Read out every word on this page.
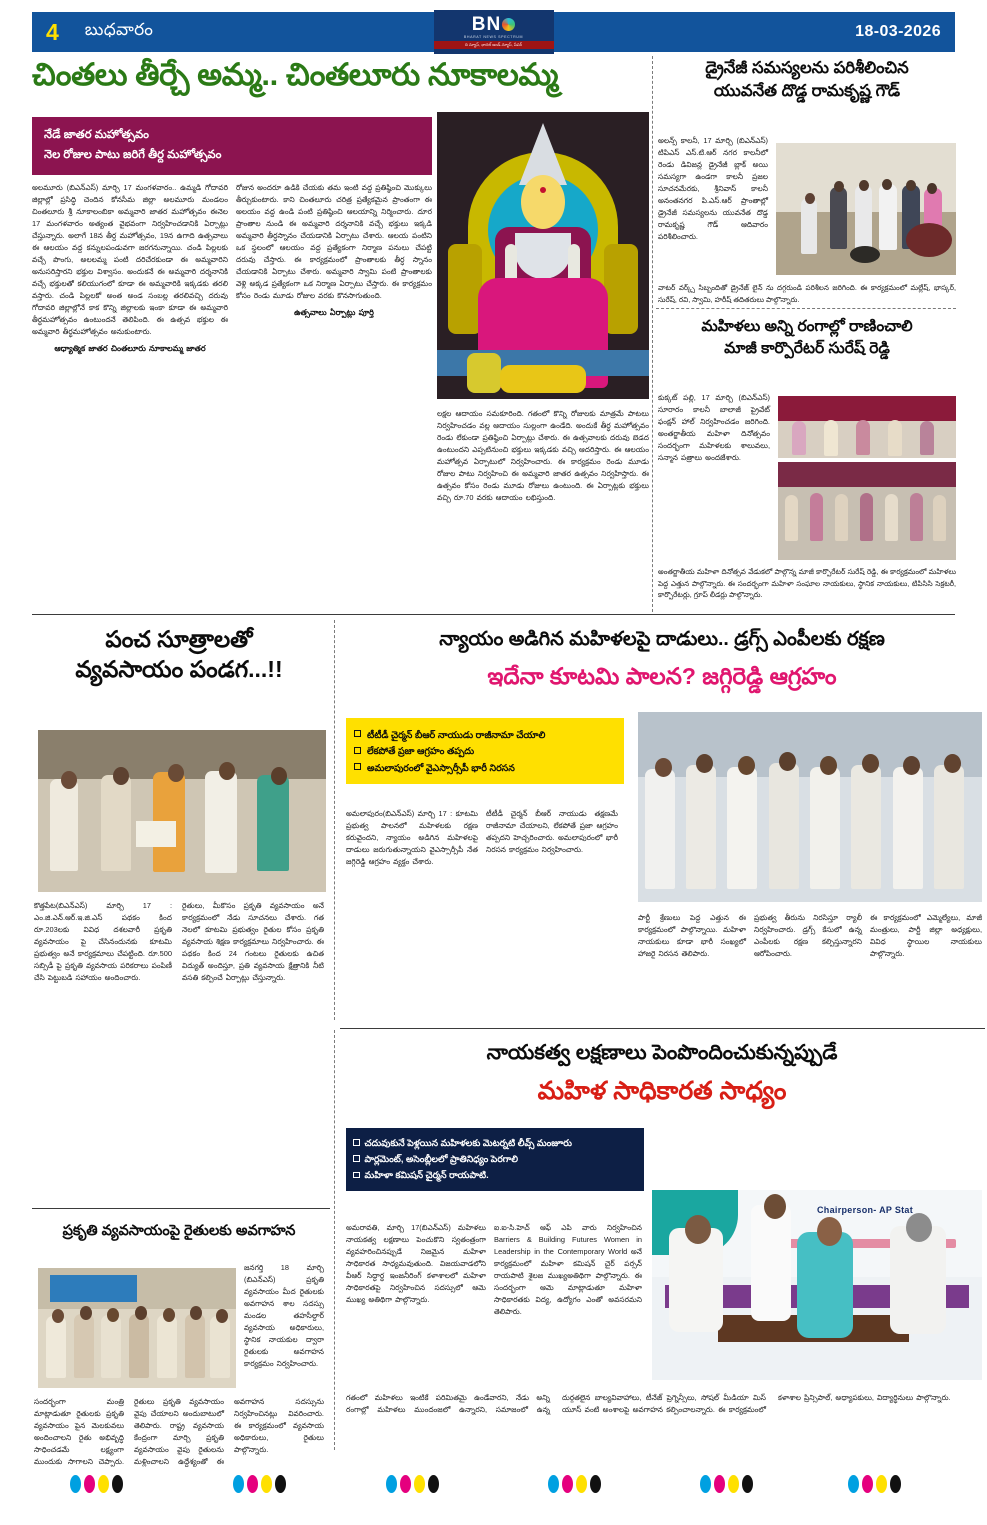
4 బుధవారం	BN
BHARAT NEWS SPECTRUM
ది న్యూస్, ఛానల్ అండ్ న్యూస్, పేపర్
18-03-2026
చింతలు తీర్చే అమ్మ.. చింతలూరు నూకాలమ్మ
నేడే జాతర మహోత్సవం
నెల రోజుల పాటు జరిగే తీర్ద మహోత్సవం

అలమూరు (బిఎన్ఎస్) మార్చి 17 మంగళవారం.. ఉమ్మడి గోదావరి జిల్లాల్లో ప్రసిద్ధి చెందిన కోనసీమ జిల్లా అలమూరు మండలం చింతలూరు శ్రీ నూకాలంబికా అమ్మవారి జాతర మహోత్సవం ఈనెల 17 మంగళవారం అత్యంత వైభవంగా నిర్వహించడానికి ఏర్పాట్లు చేస్తున్నారు. అలాగే 18న తీర్ద మహోత్సవం, 19న ఉగాది ఉత్సవాలు ఈ ఆలయం వద్ద కన్నులపండువగా జరగనున్నాయి. చండి పిల్లలకు వచ్చే పొంగు, అలలమ్మ పంటి దరిచేరకుండా ఈ అమ్మవారిని అనుసరిస్తారని భక్తుల విశ్వాసం. అందుకనే ఈ అమ్మవారి దర్శనానికి వచ్చే భక్తులతో కలియుగంలో కూడా ఈ అమ్మవారికి ఇక్కడకు తరలి వస్తారు. చండి పిల్లలకో అంత అండ సంబల్ల తరలివచ్చి దరువు గోదావరి జిల్లాల్లోనే కాక కొన్ని జిల్లాలకు ఇంకా కూడా ఈ అమ్మవారి తీర్థమహోత్సవం ఉంటుందనే తెలిపింది. ఈ ఉత్సవ భక్తుల ఈ అమ్మవారి తీర్థమహోత్సవం అనుకుంటారు.

ఆధ్యాత్మిక జాతర చింతలూరు నూకాలమ్మ జాతర

రోజున అందరూ ఉడికి చేయకు తమ ఇంటి వద్ద ప్రతిష్ఠించి మొక్కులు తీర్చుకుంటారు. కాని చింతలూరు చరిత్ర ప్రత్యేకమైన ప్రాంతంగా ఈ అలయం వద్ద ఉండి పంటి ప్రతిష్ఠించి ఆలయాన్ని నిర్మించారు. దూర ప్రాంతాల నుండి ఈ అమ్మవారి దర్శనానికి వచ్చే భక్తులు ఇక్కడి అమ్మవారి తీర్ధస్నానం చేయడానికి ఏర్పాటు చేశారు. ఆలయ పంటిని ఒక స్థలంలో ఆలయం వద్ద ప్రత్యేకంగా నిర్మాణ పనులు చేపట్టి దరువు చేస్తారు. ఈ కార్యక్రమంలో ప్రాంతాలకు తీర్ధ స్నానం చేయడానికి ఏర్పాటు చేశారు. అమ్మవారి స్వామి పంటి ప్రాంతాలకు వెళ్లి అక్కడ ప్రత్యేకంగా ఒక నిర్మాణ ఏర్పాటు చేస్తారు. ఈ కార్యక్రమం కోసం రెండు మూడు రోజుల వరకు కొనసాగుతుంది.

ఉత్సవాలు ఏర్పాట్లు పూర్తి

లక్షల ఆదాయం సమకూరింది. గతంలో కొన్ని రోజులకు మాత్రమే పాటలు నిర్వహించడం వల్ల ఆదాయం సుల్లంగా ఉండేది. అందుకే తీర్ధ మహోత్సవం రెండు లేకుండా ప్రతిష్ఠించి ఏర్పాట్లు చేశారు. ఈ ఉత్సవాలకు దరువు బెడద ఉంటుందని ఎప్పటినుంచి భక్తులు ఇక్కడకు వచ్చి ఆదరిస్తారు. ఈ ఆలయం మహోత్సవ ఏర్పాటులో నిర్వహించారు. ఈ కార్యక్రమం రెండు మూడు రోజుల పాటు నిర్వహించి ఈ అమ్మవారి జాతర ఉత్సవం నిర్వహిస్తారు. ఈ ఉత్సవం కోసం రెండు మూడు రోజులు ఉంటుంది. ఈ ఏర్పాట్లకు భక్తులు వచ్చి రూ.70 వరకు ఆదాయం లభిస్తుంది.

డ్రైనేజీ సమస్యలను పరిశీలించిన
యువనేత దొడ్డ రామకృష్ణ గౌడ్

అలన్స్ కాలనీ, 17 మార్చి (బిఎన్ఎస్) టిపిఎస్ ఎస్.టి.ఆర్ నగర కాలనీలో రెండు డివిజన్ల డ్రైనేజీ బ్లాక్ అయి సమస్యగా ఉండగా కాలనీ ప్రజల సూచనమేరకు, శ్రీనివాస్ కాలనీ అనంతనగర పి.ఎస్.ఆర్ ప్రాంతాల్లో డ్రైనేజీ సమస్యలను యువనేత దొడ్డ రామకృష్ణ గౌడ్ ఆదివారం పరిశీలించారు.

వాటర్ వర్క్స్ సిబ్బందితో డ్రైనేజ్ లైన్ ను దగ్గరుండి పరిశీలన జరిగింది. ఈ కార్యక్రమంలో మల్లేష్, భాస్కర్, సురేష్, రవి, స్వామి, హరీష్ తదితరులు పాల్గొన్నారు.
మహిళలు అన్ని రంగాల్లో రాణించాలి
మాజీ కార్పొరేటర్ సురేష్ రెడ్డి

కుక్కట్ పల్లి, 17 మార్చి (బిఎన్ఎస్) సూరారం కాలనీ బాలాజీ ప్రైవేట్ ఫంక్షన్ హాల్ నిర్వహించడం జరిగింది. అంతర్జాతీయ మహిళా దినోత్సవం సందర్భంగా మహిళలకు శాలువలు, సన్మాన పత్రాలు అందజేశారు.

అంతర్జాతీయ మహిళా దినోత్సవ వేడుకలో పాల్గొన్న మాజీ కార్పొరేటర్ సురేష్ రెడ్డి, ఈ కార్యక్రమంలో మహిళలు పెద్ద ఎత్తున పాల్గొన్నారు. ఈ సందర్భంగా మహిళా సంఘాల నాయకులు, స్థానిక నాయకులు, టిపిసిసి సెక్రటరీ, కార్పొరేటర్లు, గ్రూప్ లీడర్లు పాల్గొన్నారు.
పంచ సూత్రాలతో
వ్యవసాయం పండగ...!!

కొత్తపేట(బిఎన్ఎస్) మార్చి 17 : ఎం.జి.ఎన్.ఆర్.ఇ.జి.ఎస్ పథకం కింద రూ.203లకు వివిధ దశలవారీ ప్రకృతి వ్యవసాయం పై చేసినందునకు కూటమి ప్రభుత్వం అనే కార్యక్రమాలు చేపట్టింది. రూ.500 సబ్సిడీ పై ప్రకృతి వ్యవసాయ పరికరాలు పంపిణీ చేసి పెట్టుబడి సహాయం అందించారు.

రైతులు, మీకొసం ప్రకృతి వ్యవసాయం అనే కార్యక్రమంలో నేడు సూచనలు చేశారు. గత నెలలో కూటమి ప్రభుత్వం రైతుల కోసం ప్రకృతి వ్యవసాయ శిక్షణ కార్యక్రమాలు నిర్వహించారు. ఈ పథకం కింద 24 గంటలు రైతులకు ఉచిత విద్యుత్ అందిస్తూ, ప్రతి వ్యవసాయ క్షేత్రానికి నీటి వసతి కల్పించే ఏర్పాట్లు చేస్తున్నారు.

న్యాయం అడిగిన మహిళలపై దాడులు.. డ్రగ్స్ ఎంపీలకు రక్షణ
ఇదేనా కూటమి పాలన? జగ్గిరెడ్డి ఆగ్రహం
టీటీడీ చైర్మన్ బీఆర్ నాయుడు రాజీనామా చేయాలి
లేకపోతే ప్రజా ఆగ్రహం తప్పదు
అమలాపురంలో వైఎస్సార్సీపీ భారీ నిరసన

అమలాపురం(బిఎన్ఎస్) మార్చి 17 : కూటమి ప్రభుత్వ పాలనలో మహిళలకు రక్షణ కరువైందని, న్యాయం అడిగిన మహిళలపై దాడులు జరుగుతున్నాయని వైఎస్సార్సీపీ నేత జగ్గిరెడ్డి ఆగ్రహం వ్యక్తం చేశారు.

టీటీడీ చైర్మన్ బీఆర్ నాయుడు తక్షణమే రాజీనామా చేయాలని, లేకపోతే ప్రజా ఆగ్రహం తప్పదని హెచ్చరించారు. అమలాపురంలో భారీ నిరసన కార్యక్రమం నిర్వహించారు.

పార్టీ శ్రేణులు పెద్ద ఎత్తున ఈ కార్యక్రమంలో పాల్గొన్నాయి. మహిళా నాయకులు కూడా భారీ సంఖ్యలో హాజరై నిరసన తెలిపారు.

ప్రభుత్వ తీరును నిరసిస్తూ ర్యాలీ నిర్వహించారు. డ్రగ్స్ కేసులో ఉన్న ఎంపీలకు రక్షణ కల్పిస్తున్నారని ఆరోపించారు.

ఈ కార్యక్రమంలో ఎమ్మెల్యేలు, మాజీ మంత్రులు, పార్టీ జిల్లా అధ్యక్షులు, వివిధ స్థాయిల నాయకులు పాల్గొన్నారు.

నాయకత్వ లక్షణాలు పెంపొందించుకున్నప్పుడే
మహిళ సాధికారత సాధ్యం
చదువుకునే పెళ్లయిన మహిళలకు మెటర్నటి లీవ్స్ మంజూరు
పార్లమెంట్, అసెంబ్లీలలో ప్రాతినిధ్యం పెరగాలి
మహిళా కమిషన్ చైర్మన్ రాయపాటి.
Chairperson- AP Stat

అమరావతి, మార్చి 17(బిఎన్ఎస్) మహిళలు నాయకత్వ లక్షణాలు పెంచుకొని స్వతంత్రంగా వ్యవహరించినప్పుడే నిజమైన మహిళా సాధికారత సాధ్యమవుతుంది. విజయవాడలోని వీఆర్ సిద్ధార్థ ఇంజనీరింగ్ కళాశాలలో మహిళా సాధికారతపై నిర్వహించిన సదస్సులో ఆమె ముఖ్య అతిథిగా పాల్గొన్నారు.

ఐ.ఐ-సి.హెచ్ ఆఫ్ ఎపి వారు నిర్వహించిన Barriers & Building Futures Women in Leadership in the Contemporary World అనే కార్యక్రమంలో మహిళా కమిషన్ చైర్ పర్సన్ రాయపాటి శైలజ ముఖ్యఅతిథిగా పాల్గొన్నారు. ఈ సందర్భంగా ఆమె మాట్లాడుతూ మహిళా సాధికారతకు విద్య, ఉద్యోగం ఎంతో అవసరమని తెలిపారు.

గతంలో మహిళలు ఇంటికే పరిమితమై ఉండేవారని, నేడు అన్ని రంగాల్లో మహిళలు ముందంజలో ఉన్నారని, సమాజంలో ఉన్న దుర్గతలైన బాల్యవివాహాలు, టీనేజ్ ప్రెగ్నెన్సీలు, సోషల్ మీడియా మిస్ యూస్ వంటి అంశాలపై అవగాహన కల్పించాలన్నారు. ఈ కార్యక్రమంలో కళాశాల ప్రిన్సిపాల్, అధ్యాపకులు, విద్యార్థినులు పాల్గొన్నారు.

ప్రకృతి వ్యవసాయంపై రైతులకు అవగాహన

జనగర్తి 18 మార్చి (బిఎన్ఎస్) ప్రకృతి వ్యవసాయం మీద రైతులకు అవగాహన శాల సదస్సు మండల తహసీల్దార్ వ్యవసాయ అధికారులు, స్థానిక నాయకుల ద్వారా రైతులకు అవగాహన కార్యక్రమం నిర్వహించారు.

సందర్భంగా మంత్రి మాట్లాడుతూ రైతులకు ప్రకృతి వ్యవసాయం పైన మెలకువలు అందించాలని రైతు అభివృద్ధి సాధించడమే లక్ష్యంగా ముందుకు సాగాలని చెప్పారు. రైతులు ప్రకృతి వ్యవసాయం వైపు చేయాలని అందుబాటులో తెలిపారు. రాష్ట్ర వ్యవసాయ కేంద్రంగా మార్చి ప్రకృతి వ్యవసాయం వైపు రైతులను మళ్లించాలని ఉద్దేశ్యంతో ఈ అవగాహన సదస్సును నిర్వహించినట్లు వివరించారు. ఈ కార్యక్రమంలో వ్యవసాయ అధికారులు, రైతులు పాల్గొన్నారు.
